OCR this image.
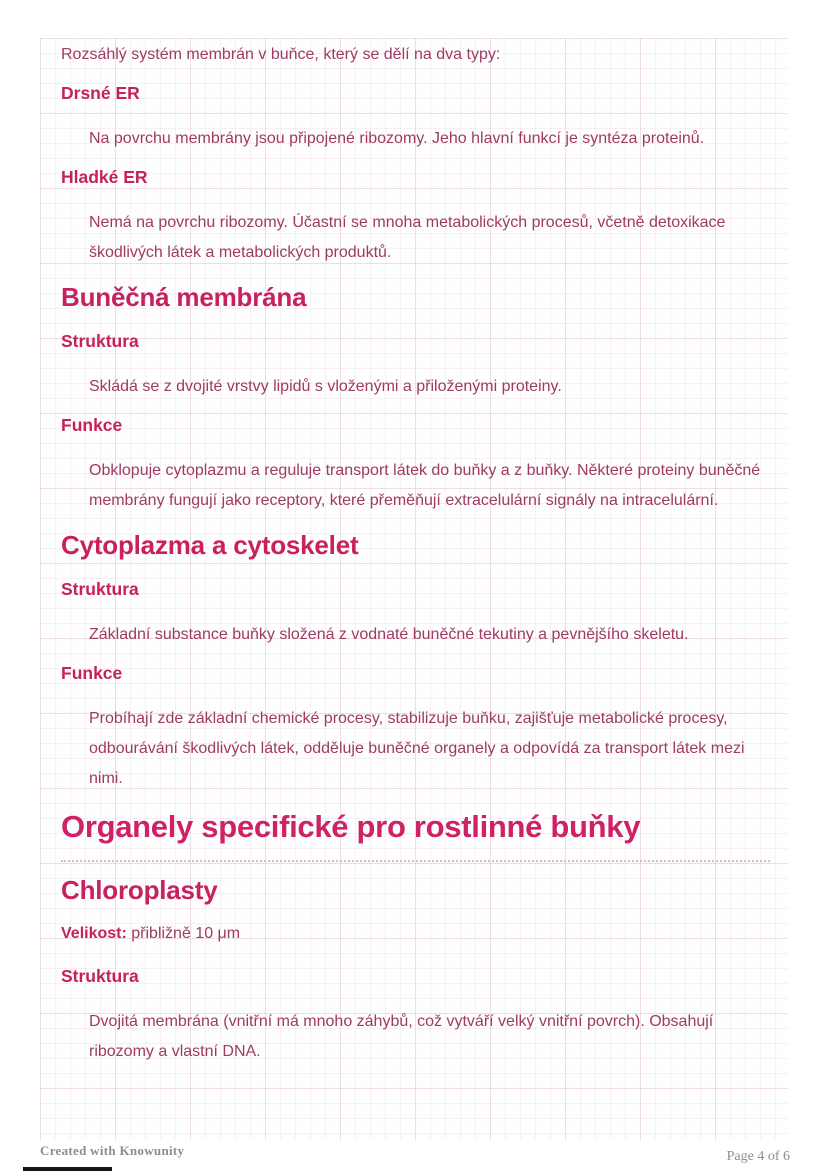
Rozsáhlý systém membrán v buňce, který se dělí na dva typy:

Drsné ER

Na povrchu membrány jsou připojené ribozomy. Jeho hlavní funkcí je syntéza proteinů.

Hladké ER

Nemá na povrchu ribozomy. Účastní se mnoha metabolických procesů, včetně detoxikace škodlivých látek a metabolických produktů.

Buněčná membrána
Struktura

Skládá se z dvojité vrstvy lipidů s vloženými a přiloženými proteiny.

Funkce

Obklopuje cytoplazmu a reguluje transport látek do buňky a z buňky. Některé proteiny buněčné membrány fungují jako receptory, které přeměňují extracelulární signály na intracelulární.

Cytoplazma a cytoskelet
Struktura

Základní substance buňky složená z vodnaté buněčné tekutiny a pevnějšího skeletu.

Funkce

Probíhají zde základní chemické procesy, stabilizuje buňku, zajišťuje metabolické procesy, odbourávání škodlivých látek, odděluje buněčné organely a odpovídá za transport látek mezi nimi.

Organely specifické pro rostlinné buňky
Chloroplasty

Velikost: přibližně 10 μm

Struktura

Dvojitá membrána (vnitřní má mnoho záhybů, což vytváří velký vnitřní povrch). Obsahují ribozomy a vlastní DNA.

Created with Knowunity	Page 4 of 6
